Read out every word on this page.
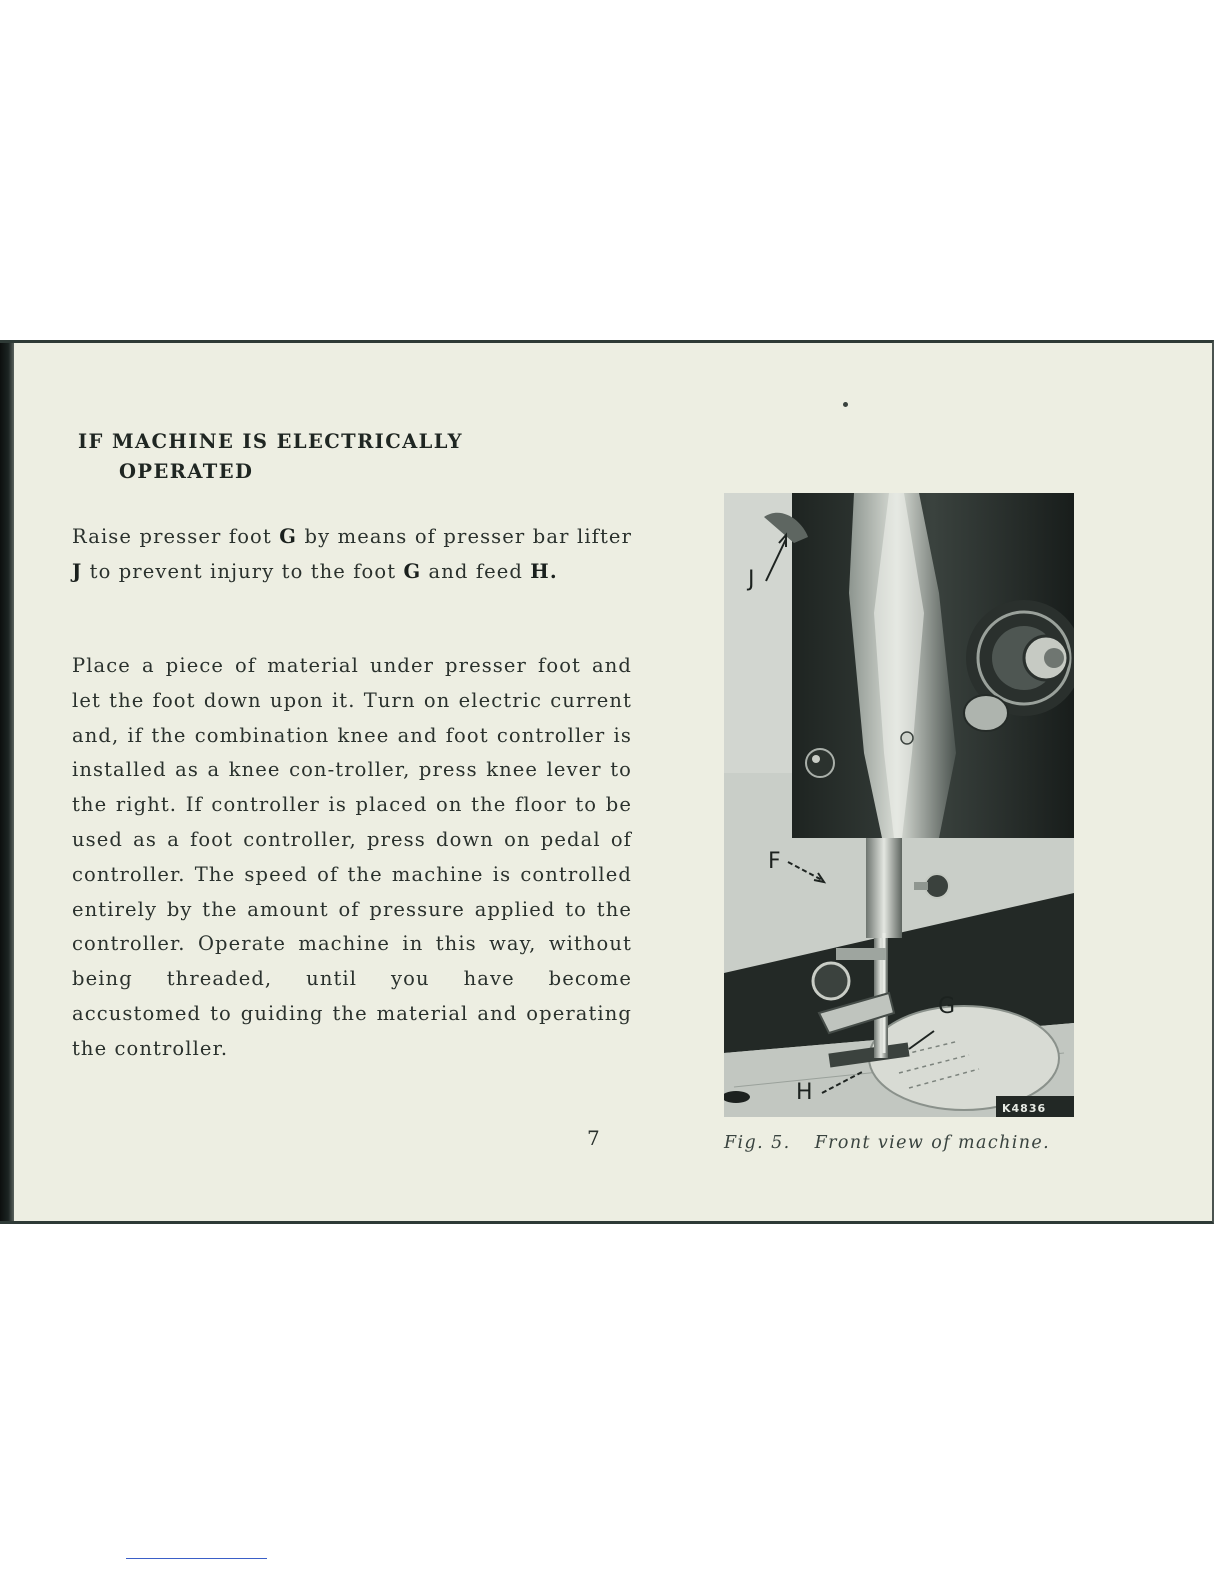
IF MACHINE IS ELECTRICALLY
OPERATED

Raise presser foot G by means of presser bar lifter J to prevent injury to the foot G and feed H.

Place a piece of material under presser foot and let the foot down upon it. Turn on electric current and, if the combination knee and foot controller is installed as a knee con-troller, press knee lever to the right. If controller is placed on the floor to be used as a foot controller, press down on pedal of controller. The speed of the machine is controlled entirely by the amount of pressure applied to the controller. Operate machine in this way, without being threaded, until you have become accustomed to guiding the material and operating the controller.

7
J
F
G
H
K4836
Fig. 5. Front view of machine.
